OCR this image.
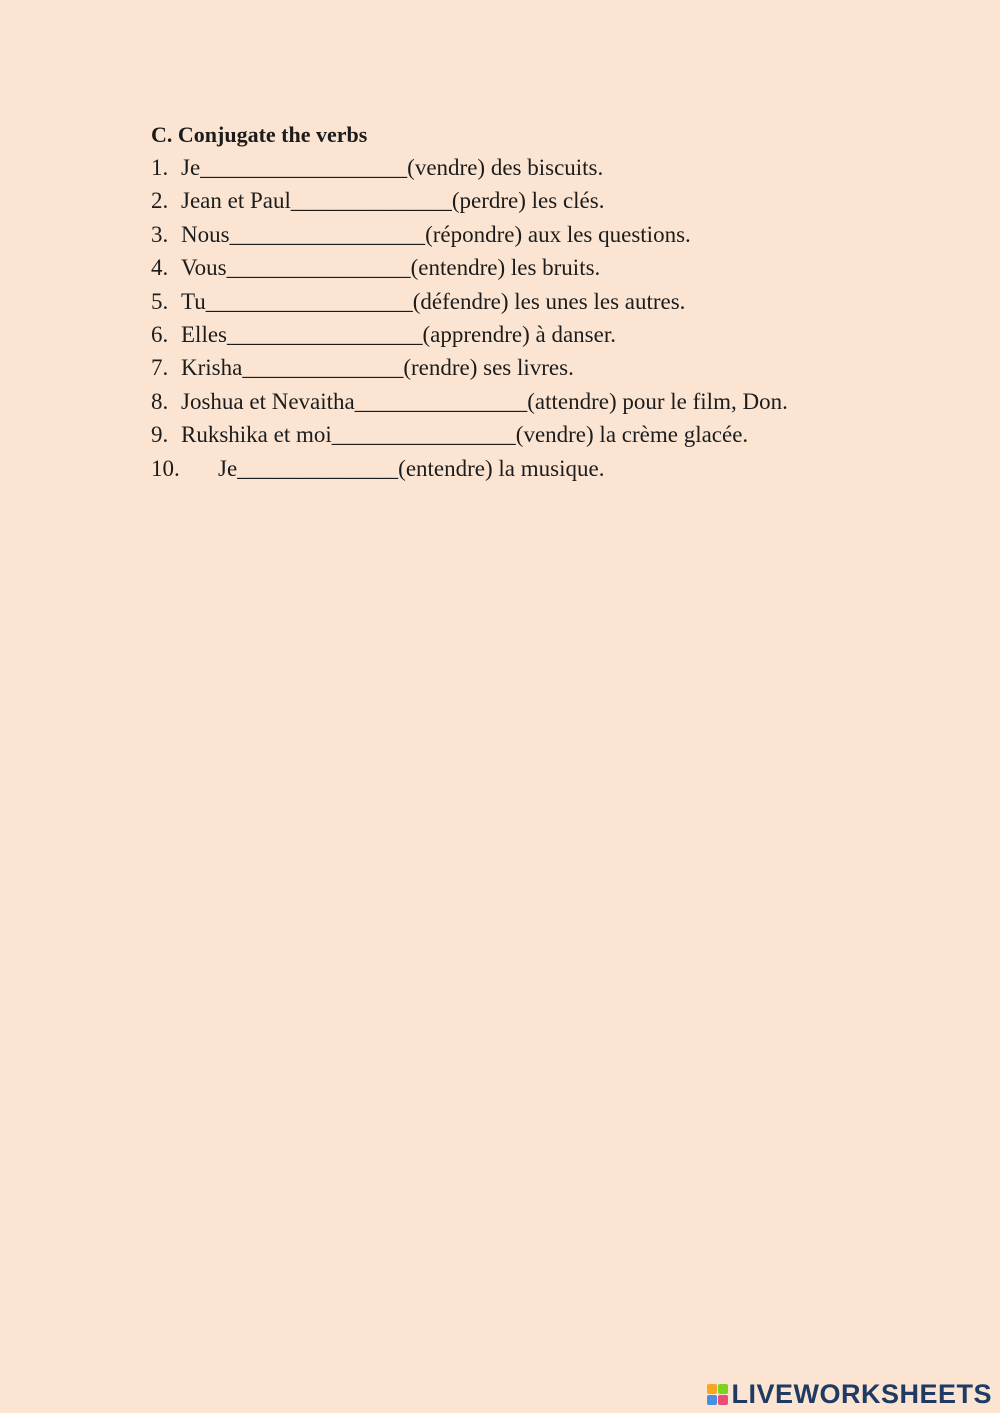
C. Conjugate the verbs
1. Je __________________ (vendre) des biscuits.
2. Jean et Paul ______________ (perdre) les clés.
3. Nous _________________ (répondre) aux les questions.
4. Vous ________________ (entendre) les bruits.
5. Tu __________________ (défendre) les unes les autres.
6. Elles _________________ (apprendre) à danser.
7. Krisha ______________ (rendre) ses livres.
8. Joshua et Nevaitha _______________ (attendre) pour le film, Don.
9. Rukshika et moi ________________ (vendre) la crème glacée.
10.	Je ______________ (entendre) la musique.
LIVEWORKSHEETS
